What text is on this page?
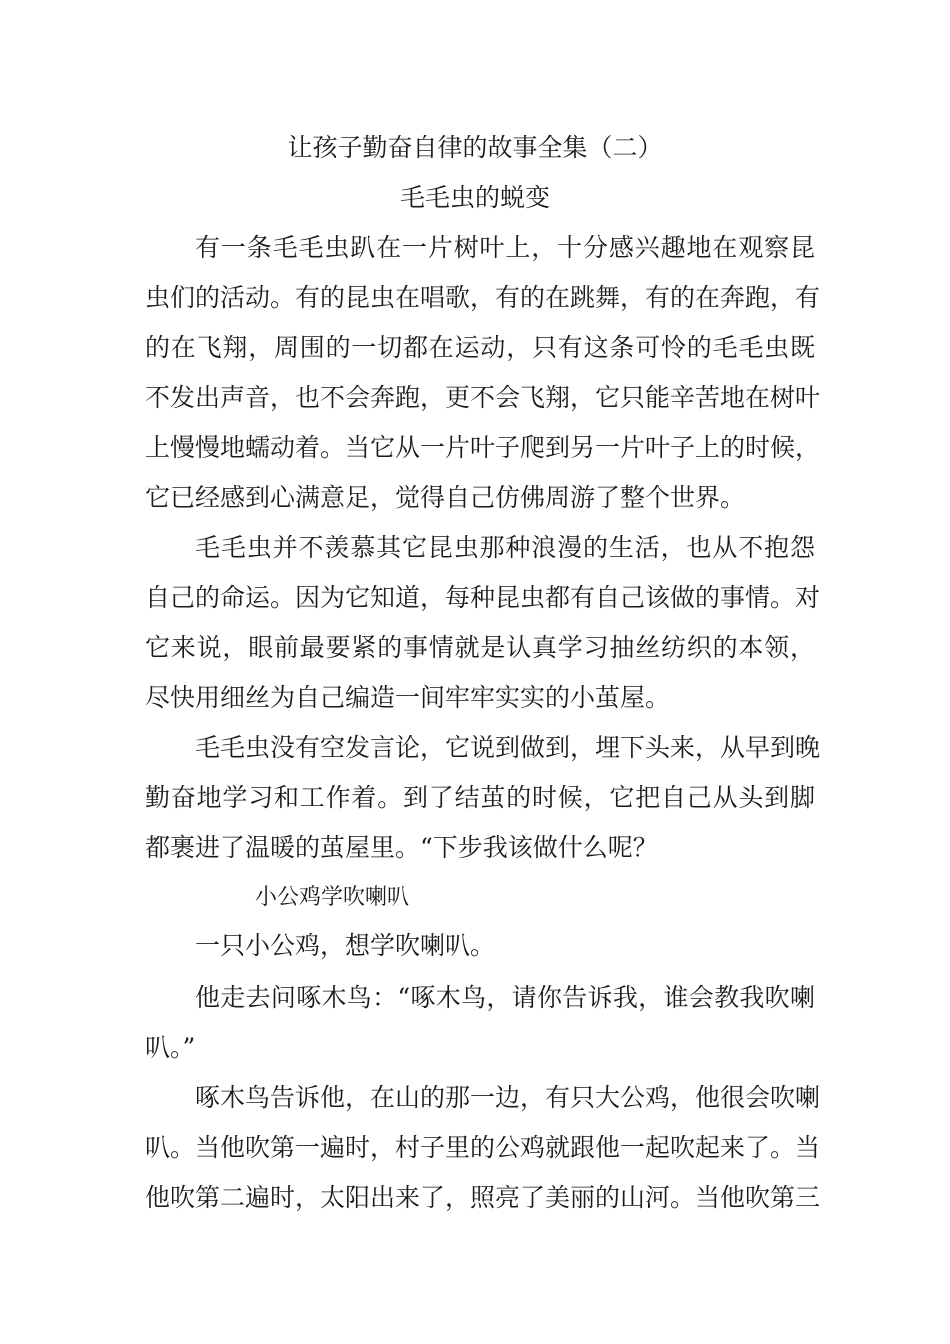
让孩子勤奋自律的故事全集（二）
毛毛虫的蜕变
有一条毛毛虫趴在一片树叶上，十分感兴趣地在观察昆
虫们的活动。有的昆虫在唱歌，有的在跳舞，有的在奔跑，有
的在飞翔，周围的一切都在运动，只有这条可怜的毛毛虫既
不发出声音，也不会奔跑，更不会飞翔，它只能辛苦地在树叶
上慢慢地蠕动着。当它从一片叶子爬到另一片叶子上的时候，
它已经感到心满意足，觉得自己仿佛周游了整个世界。
毛毛虫并不羡慕其它昆虫那种浪漫的生活，也从不抱怨
自己的命运。因为它知道，每种昆虫都有自己该做的事情。对
它来说，眼前最要紧的事情就是认真学习抽丝纺织的本领，
尽快用细丝为自己编造一间牢牢实实的小茧屋。
毛毛虫没有空发言论，它说到做到，埋下头来，从早到晚
勤奋地学习和工作着。到了结茧的时候，它把自己从头到脚
都裹进了温暖的茧屋里。“下步我该做什么呢？
小公鸡学吹喇叭
一只小公鸡，想学吹喇叭。
他走去问啄木鸟：“啄木鸟，请你告诉我，谁会教我吹喇
叭。”
啄木鸟告诉他，在山的那一边，有只大公鸡，他很会吹喇
叭。当他吹第一遍时，村子里的公鸡就跟他一起吹起来了。当
他吹第二遍时，太阳出来了，照亮了美丽的山河。当他吹第三
